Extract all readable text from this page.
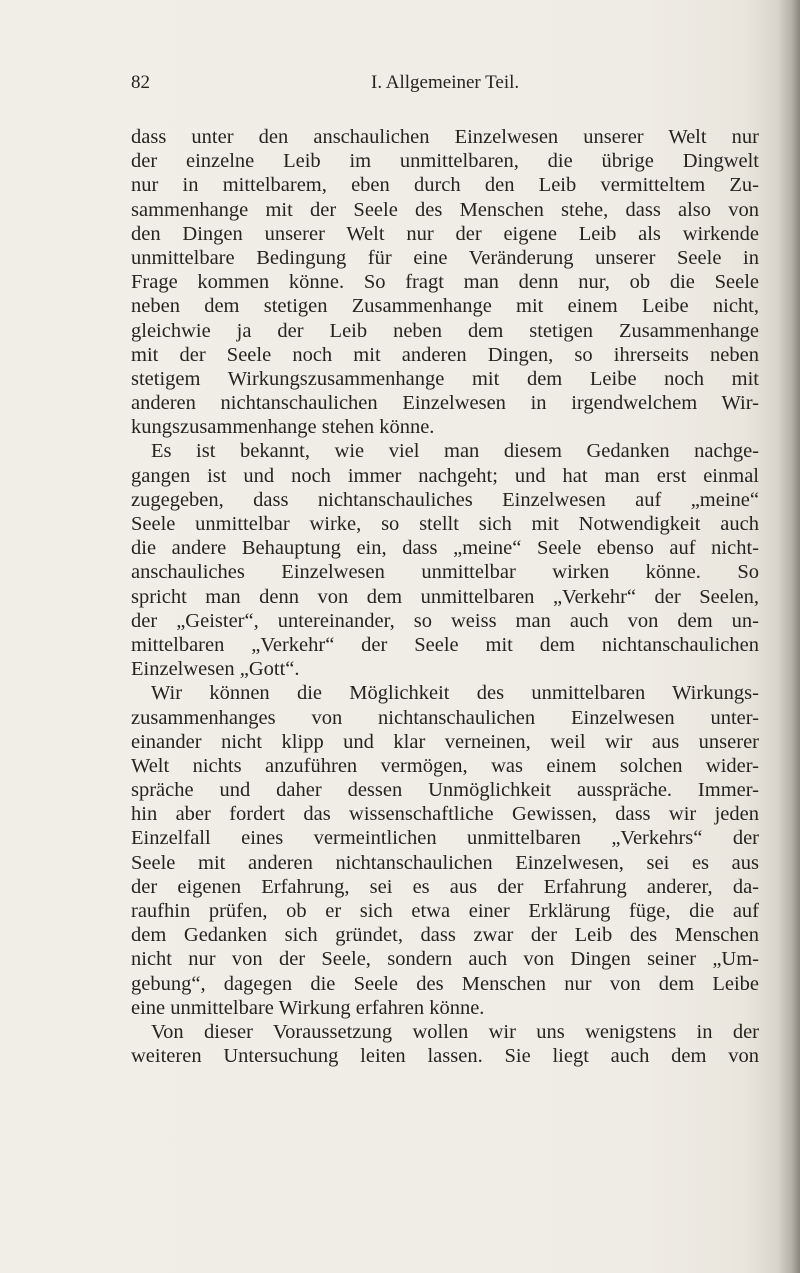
82	I. Allgemeiner Teil.
dass unter den anschaulichen Einzelwesen unserer Welt nur
der einzelne Leib im unmittelbaren, die übrige Dingwelt
nur in mittelbarem, eben durch den Leib vermitteltem Zu-
sammenhange mit der Seele des Menschen stehe, dass also von
den Dingen unserer Welt nur der eigene Leib als wirkende
unmittelbare Bedingung für eine Veränderung unserer Seele in
Frage kommen könne. So fragt man denn nur, ob die Seele
neben dem stetigen Zusammenhange mit einem Leibe nicht,
gleichwie ja der Leib neben dem stetigen Zusammenhange
mit der Seele noch mit anderen Dingen, so ihrerseits neben
stetigem Wirkungszusammenhange mit dem Leibe noch mit
anderen nichtanschaulichen Einzelwesen in irgendwelchem Wir-
kungszusammenhange stehen könne.
Es ist bekannt, wie viel man diesem Gedanken nachge-
gangen ist und noch immer nachgeht; und hat man erst einmal
zugegeben, dass nichtanschauliches Einzelwesen auf „meine“
Seele unmittelbar wirke, so stellt sich mit Notwendigkeit auch
die andere Behauptung ein, dass „meine“ Seele ebenso auf nicht-
anschauliches Einzelwesen unmittelbar wirken könne. So
spricht man denn von dem unmittelbaren „Verkehr“ der Seelen,
der „Geister“, untereinander, so weiss man auch von dem un-
mittelbaren „Verkehr“ der Seele mit dem nichtanschaulichen
Einzelwesen „Gott“.
Wir können die Möglichkeit des unmittelbaren Wirkungs-
zusammenhanges von nichtanschaulichen Einzelwesen unter-
einander nicht klipp und klar verneinen, weil wir aus unserer
Welt nichts anzuführen vermögen, was einem solchen wider-
spräche und daher dessen Unmöglichkeit ausspräche. Immer-
hin aber fordert das wissenschaftliche Gewissen, dass wir jeden
Einzelfall eines vermeintlichen unmittelbaren „Verkehrs“ der
Seele mit anderen nichtanschaulichen Einzelwesen, sei es aus
der eigenen Erfahrung, sei es aus der Erfahrung anderer, da-
raufhin prüfen, ob er sich etwa einer Erklärung füge, die auf
dem Gedanken sich gründet, dass zwar der Leib des Menschen
nicht nur von der Seele, sondern auch von Dingen seiner „Um-
gebung“, dagegen die Seele des Menschen nur von dem Leibe
eine unmittelbare Wirkung erfahren könne.
Von dieser Voraussetzung wollen wir uns wenigstens in der
weiteren Untersuchung leiten lassen. Sie liegt auch dem von
